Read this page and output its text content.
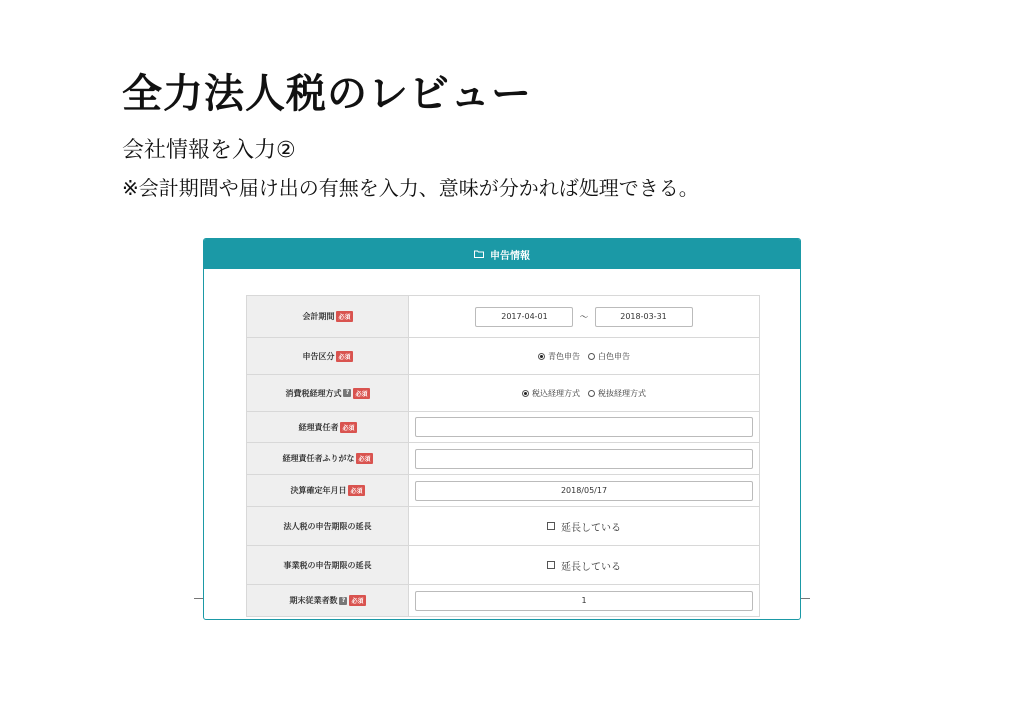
全力法人税のレビュー
会社情報を入力②
※会計期間や届け出の有無を入力、意味が分かれば処理できる。
申告情報
会計期間 必須	2017-04-01	～	2018-03-31
申告区分 必須	青色申告 白色申告
消費税経理方式 ?	必須	税込経理方式 税抜経理方式
経理責任者 必須
経理責任者ふりがな 必須
決算確定年月日 必須	2018/05/17
法人税の申告期限の延長	延長している
事業税の申告期限の延長	延長している
期末従業者数 ?	必須	1
